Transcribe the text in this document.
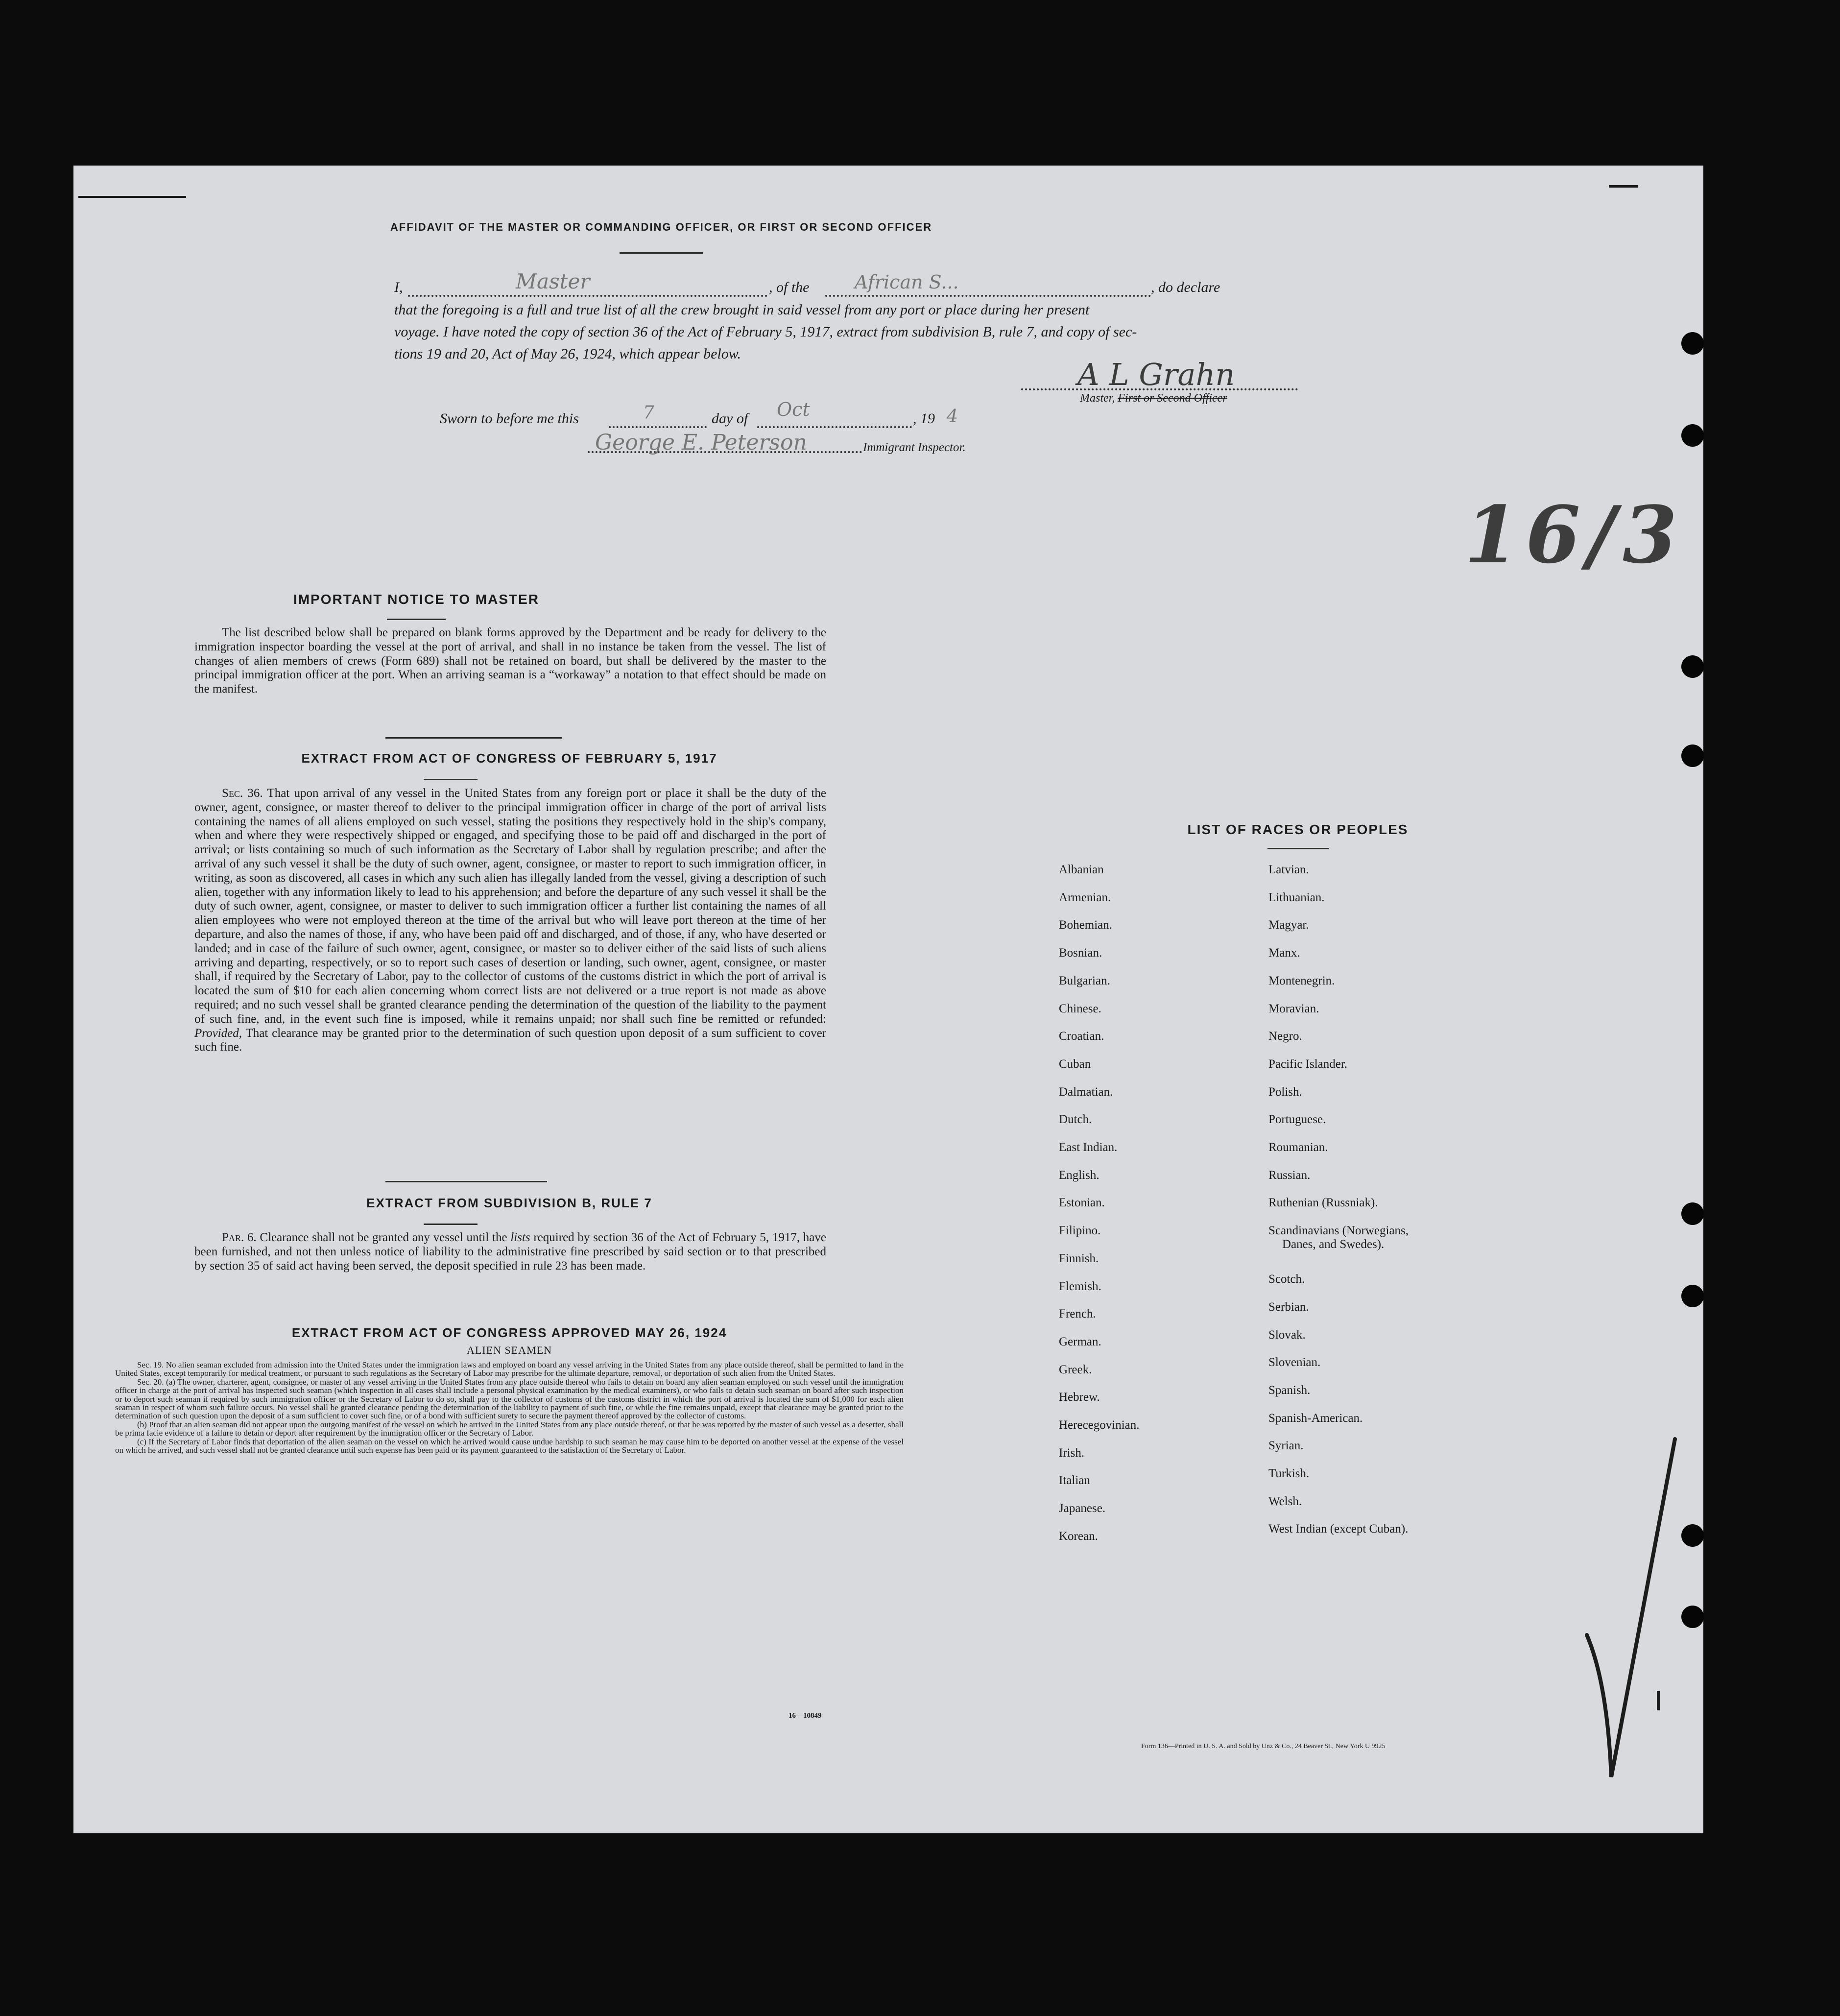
AFFIDAVIT OF THE MASTER OR COMMANDING OFFICER, OR FIRST OR SECOND OFFICER
I,	Master	, of the African S...	, do declare
that the foregoing is a full and true list of all the crew brought in said vessel from any port or place during her present
voyage. I have noted the copy of section 36 of the Act of February 5, 1917, extract from subdivision B, rule 7, and copy of sec-
tions 19 and 20, Act of May 26, 1924, which appear below.
A L Grahn
Master, First or Second Officer
Sworn to before me this	7	day of Oct	, 19 4
George E. Peterson	Immigrant Inspector.
16/3
IMPORTANT NOTICE TO MASTER
The list described below shall be prepared on blank forms approved by the Department and be ready for delivery to the immigration inspector boarding the vessel at the port of arrival, and shall in no instance be taken from the vessel. The list of changes of alien members of crews (Form 689) shall not be retained on board, but shall be delivered by the master to the principal immigration officer at the port. When an arriving seaman is a “workaway” a notation to that effect should be made on the manifest.
EXTRACT FROM ACT OF CONGRESS OF FEBRUARY 5, 1917
Sec. 36. That upon arrival of any vessel in the United States from any foreign port or place it shall be the duty of the owner, agent, consignee, or master thereof to deliver to the principal immigration officer in charge of the port of arrival lists containing the names of all aliens employed on such vessel, stating the positions they respectively hold in the ship's company, when and where they were respectively shipped or engaged, and specifying those to be paid off and discharged in the port of arrival; or lists containing so much of such information as the Secretary of Labor shall by regulation prescribe; and after the arrival of any such vessel it shall be the duty of such owner, agent, consignee, or master to report to such immigration officer, in writing, as soon as discovered, all cases in which any such alien has illegally landed from the vessel, giving a description of such alien, together with any information likely to lead to his apprehension; and before the departure of any such vessel it shall be the duty of such owner, agent, consignee, or master to deliver to such immigration officer a further list containing the names of all alien employees who were not employed thereon at the time of the arrival but who will leave port thereon at the time of her departure, and also the names of those, if any, who have been paid off and discharged, and of those, if any, who have deserted or landed; and in case of the failure of such owner, agent, consignee, or master so to deliver either of the said lists of such aliens arriving and departing, respectively, or so to report such cases of desertion or landing, such owner, agent, consignee, or master shall, if required by the Secretary of Labor, pay to the collector of customs of the customs district in which the port of arrival is located the sum of $10 for each alien concerning whom correct lists are not delivered or a true report is not made as above required; and no such vessel shall be granted clearance pending the determination of the question of the liability to the payment of such fine, and, in the event such fine is imposed, while it remains unpaid; nor shall such fine be remitted or refunded: Provided, That clearance may be granted prior to the determination of such question upon deposit of a sum sufficient to cover such fine.
EXTRACT FROM SUBDIVISION B, RULE 7
Par. 6. Clearance shall not be granted any vessel until the lists required by section 36 of the Act of February 5, 1917, have been furnished, and not then unless notice of liability to the administrative fine prescribed by said section or to that prescribed by section 35 of said act having been served, the deposit specified in rule 23 has been made.
EXTRACT FROM ACT OF CONGRESS APPROVED MAY 26, 1924
ALIEN SEAMEN
Sec. 19. No alien seaman excluded from admission into the United States under the immigration laws and employed on board any vessel arriving in the United States from any place outside thereof, shall be permitted to land in the United States, except temporarily for medical treatment, or pursuant to such regulations as the Secretary of Labor may prescribe for the ultimate departure, removal, or deportation of such alien from the United States.
Sec. 20. (a) The owner, charterer, agent, consignee, or master of any vessel arriving in the United States from any place outside thereof who fails to detain on board any alien seaman employed on such vessel until the immigration officer in charge at the port of arrival has inspected such seaman (which inspection in all cases shall include a personal physical examination by the medical examiners), or who fails to detain such seaman on board after such inspection or to deport such seaman if required by such immigration officer or the Secretary of Labor to do so, shall pay to the collector of customs of the customs district in which the port of arrival is located the sum of $1,000 for each alien seaman in respect of whom such failure occurs. No vessel shall be granted clearance pending the determination of the liability to payment of such fine, or while the fine remains unpaid, except that clearance may be granted prior to the determination of such question upon the deposit of a sum sufficient to cover such fine, or of a bond with sufficient surety to secure the payment thereof approved by the collector of customs.
(b) Proof that an alien seaman did not appear upon the outgoing manifest of the vessel on which he arrived in the United States from any place outside thereof, or that he was reported by the master of such vessel as a deserter, shall be prima facie evidence of a failure to detain or deport after requirement by the immigration officer or the Secretary of Labor.
(c) If the Secretary of Labor finds that deportation of the alien seaman on the vessel on which he arrived would cause undue hardship to such seaman he may cause him to be deported on another vessel at the expense of the vessel on which he arrived, and such vessel shall not be granted clearance until such expense has been paid or its payment guaranteed to the satisfaction of the Secretary of Labor.
16—10849
LIST OF RACES OR PEOPLES
Albanian
Armenian.
Bohemian.
Bosnian.
Bulgarian.
Chinese.
Croatian.
Cuban
Dalmatian.
Dutch.
East Indian.
English.
Estonian.
Filipino.
Finnish.
Flemish.
French.
German.
Greek.
Hebrew.
Herecegovinian.
Irish.
Italian
Japanese.
Korean.
Latvian.
Lithuanian.
Magyar.
Manx.
Montenegrin.
Moravian.
Negro.
Pacific Islander.
Polish.
Portuguese.
Roumanian.
Russian.
Ruthenian (Russniak).
Scandinavians (Norwegians,
Danes, and Swedes).
Scotch.
Serbian.
Slovak.
Slovenian.
Spanish.
Spanish-American.
Syrian.
Turkish.
Welsh.
West Indian (except Cuban).
Form 136—Printed in U. S. A. and Sold by Unz & Co., 24 Beaver St., New York U 9925
